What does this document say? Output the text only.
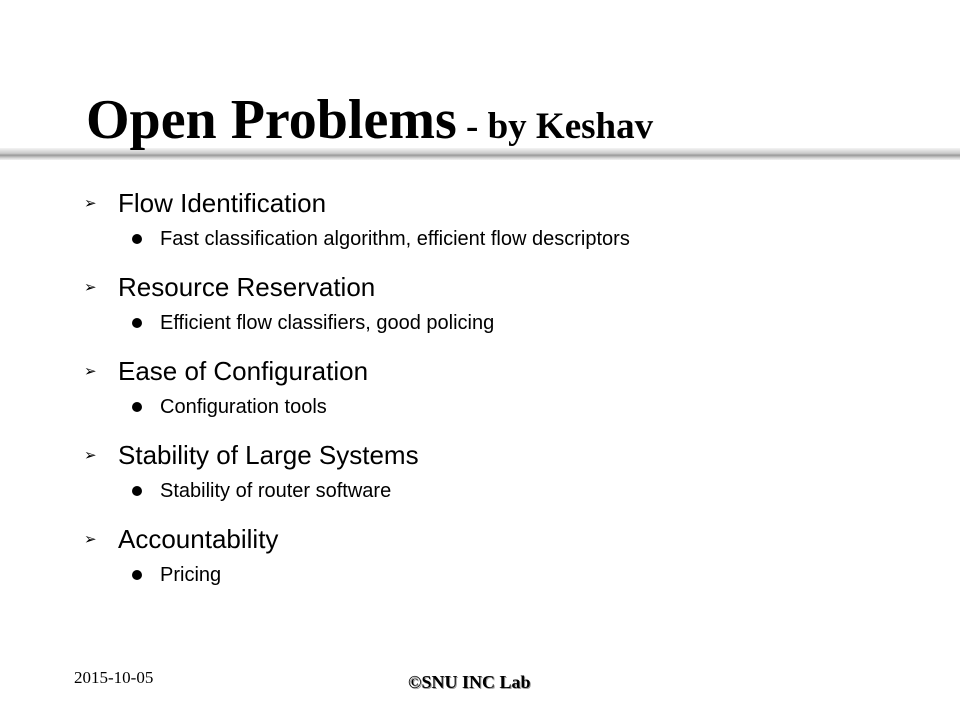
Open Problems - by Keshav
➢ Flow Identification
Fast classification algorithm, efficient flow descriptors
➢ Resource Reservation
Efficient flow classifiers, good policing
➢ Ease of Configuration
Configuration tools
➢ Stability of Large Systems
Stability of router software
➢ Accountability
Pricing
2015-10-05	©SNU INC Lab
